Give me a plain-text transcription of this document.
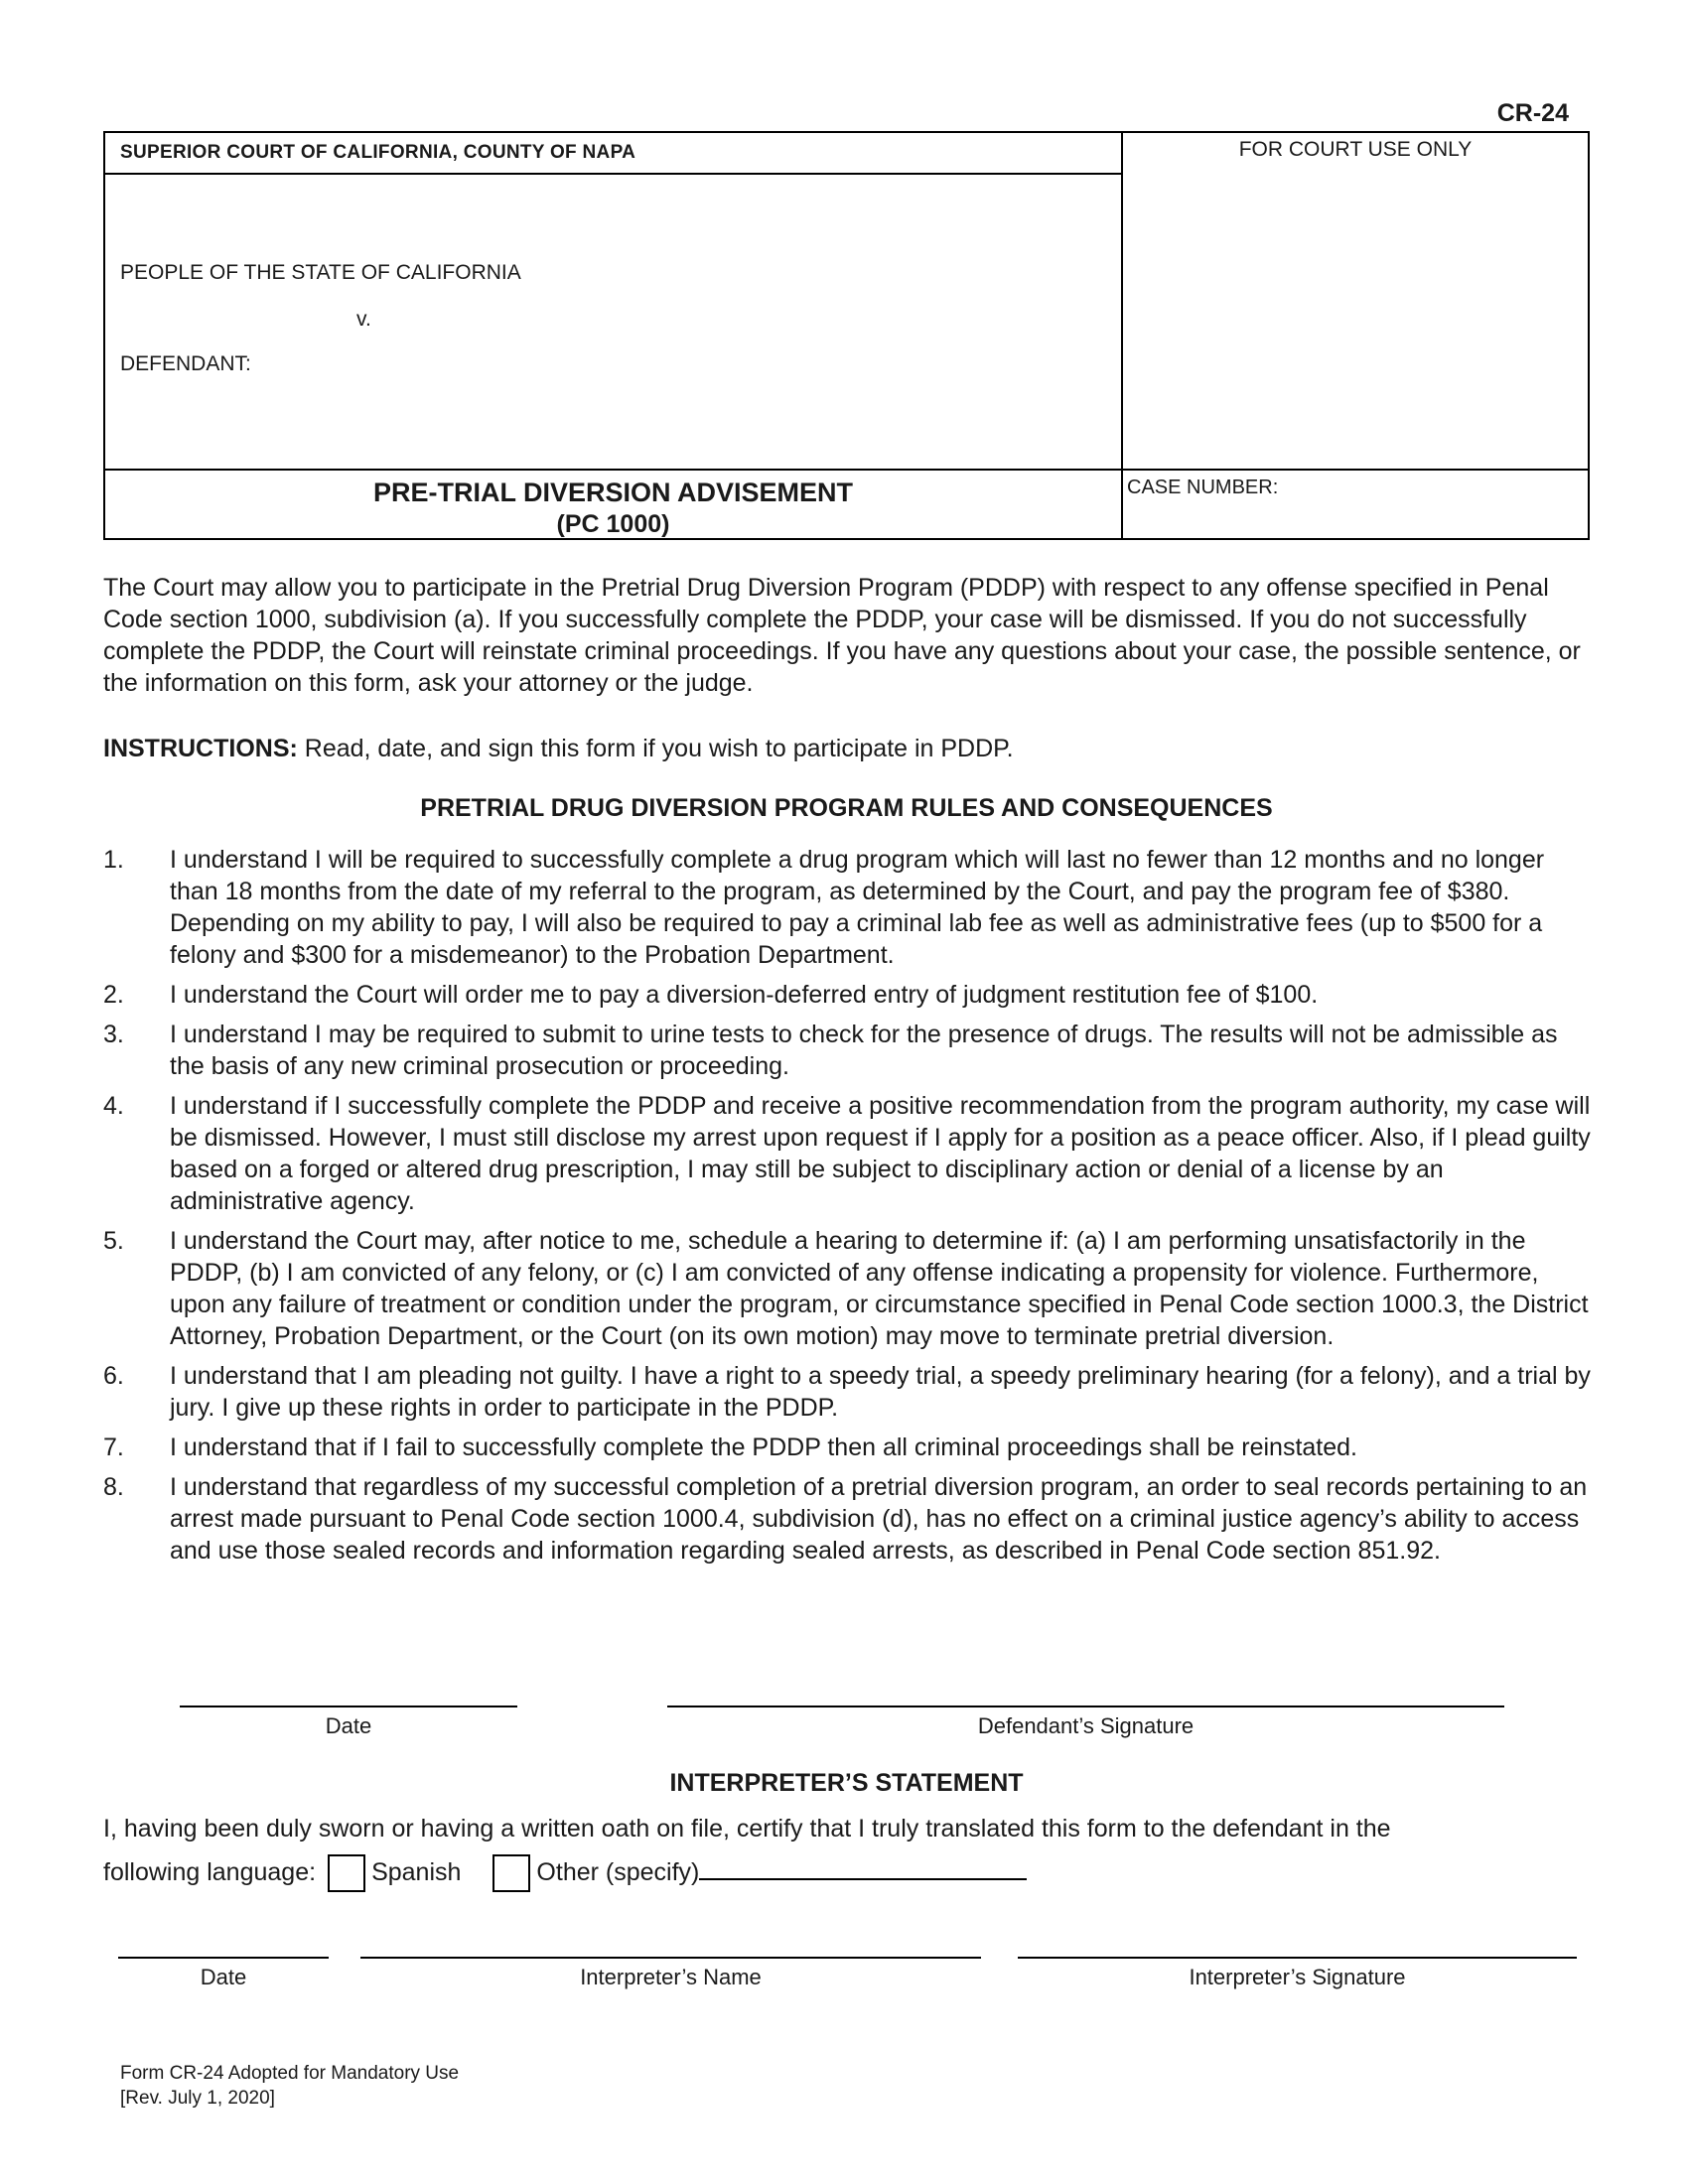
CR-24
SUPERIOR COURT OF CALIFORNIA, COUNTY OF NAPA
PEOPLE OF THE STATE OF CALIFORNIA
v.
DEFENDANT:
PRE-TRIAL DIVERSION ADVISEMENT
(PC 1000)
FOR COURT USE ONLY
CASE NUMBER:
The Court may allow you to participate in the Pretrial Drug Diversion Program (PDDP) with respect to any offense specified in Penal Code section 1000, subdivision (a). If you successfully complete the PDDP, your case will be dismissed. If you do not successfully complete the PDDP, the Court will reinstate criminal proceedings. If you have any questions about your case, the possible sentence, or the information on this form, ask your attorney or the judge.
INSTRUCTIONS: Read, date, and sign this form if you wish to participate in PDDP.
PRETRIAL DRUG DIVERSION PROGRAM RULES AND CONSEQUENCES
1. I understand I will be required to successfully complete a drug program which will last no fewer than 12 months and no longer than 18 months from the date of my referral to the program, as determined by the Court, and pay the program fee of $380. Depending on my ability to pay, I will also be required to pay a criminal lab fee as well as administrative fees (up to $500 for a felony and $300 for a misdemeanor) to the Probation Department.
2. I understand the Court will order me to pay a diversion-deferred entry of judgment restitution fee of $100.
3. I understand I may be required to submit to urine tests to check for the presence of drugs. The results will not be admissible as the basis of any new criminal prosecution or proceeding.
4. I understand if I successfully complete the PDDP and receive a positive recommendation from the program authority, my case will be dismissed. However, I must still disclose my arrest upon request if I apply for a position as a peace officer. Also, if I plead guilty based on a forged or altered drug prescription, I may still be subject to disciplinary action or denial of a license by an administrative agency.
5. I understand the Court may, after notice to me, schedule a hearing to determine if: (a) I am performing unsatisfactorily in the PDDP, (b) I am convicted of any felony, or (c) I am convicted of any offense indicating a propensity for violence. Furthermore, upon any failure of treatment or condition under the program, or circumstance specified in Penal Code section 1000.3, the District Attorney, Probation Department, or the Court (on its own motion) may move to terminate pretrial diversion.
6. I understand that I am pleading not guilty. I have a right to a speedy trial, a speedy preliminary hearing (for a felony), and a trial by jury. I give up these rights in order to participate in the PDDP.
7. I understand that if I fail to successfully complete the PDDP then all criminal proceedings shall be reinstated.
8. I understand that regardless of my successful completion of a pretrial diversion program, an order to seal records pertaining to an arrest made pursuant to Penal Code section 1000.4, subdivision (d), has no effect on a criminal justice agency’s ability to access and use those sealed records and information regarding sealed arrests, as described in Penal Code section 851.92.
Date	Defendant’s Signature
INTERPRETER’S STATEMENT
I, having been duly sworn or having a written oath on file, certify that I truly translated this form to the defendant in the
following language: Spanish	Other (specify)
Date	Interpreter’s Name	Interpreter’s Signature
Form CR-24 Adopted for Mandatory Use
[Rev. July 1, 2020]
